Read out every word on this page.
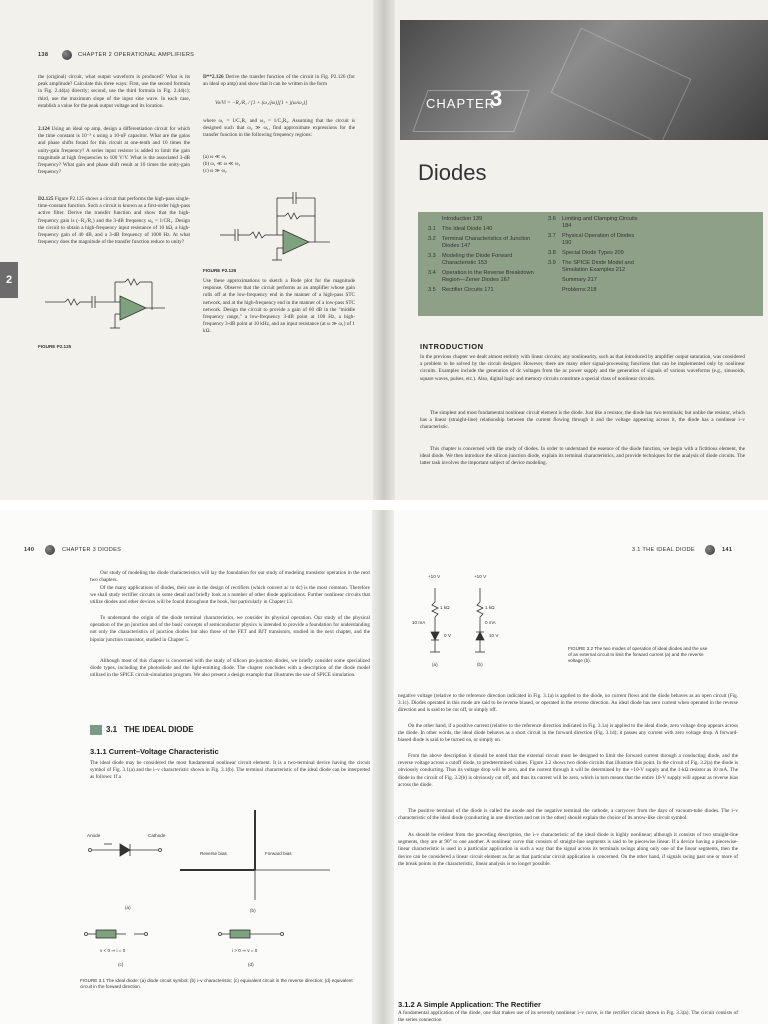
138	CHAPTER 2 OPERATIONAL AMPLIFIERS
2
the (original) circuit, what output waveform is produced? What is its peak amplitude? Calculate this three ways: First, use the second formula in Fig. 2.44(a) directly; second, use the third formula in Fig. 2.44(c); third, use the maximum slope of the input sine wave. In each case, establish a value for the peak output voltage and its location.
2.124 Using an ideal op amp, design a differentiation circuit for which the time constant is 10⁻³ s using a 10-nF capacitor. What are the gains and phase shifts found for this circuit at one-tenth and 10 times the unity-gain frequency? A series input resistor is added to limit the gain magnitude at high frequencies to 100 V/V. What is the associated 3-dB frequency? What gain and phase shift result at 10 times the unity-gain frequency?
D2.125 Figure P2.125 shows a circuit that performs the high-pass single-time-constant function. Such a circuit is known as a first-order high-pass active filter. Derive the transfer function and show that the high-frequency gain is (−R₂/R₁) and the 3-dB frequency ω₀ = 1/CR₁. Design the circuit to obtain a high-frequency input resistance of 10 kΩ, a high-frequency gain of 40 dB, and a 3-dB frequency of 1000 Hz. At what frequency does the magnitude of the transfer function reduce to unity?
FIGURE P2.125
D**2.126 Derive the transfer function of the circuit in Fig. P2.126 (for an ideal op amp) and show that it can be written in the form
Vo/Vi = −R₂/R₁ / [1 + (ω₁/jω)][1 + j(ω/ω₂)]
where ω₁ = 1/C₁R₁ and ω₂ = 1/C₂R₂. Assuming that the circuit is designed such that ω₂ ≫ ω₁, find approximate expressions for the transfer function in the following frequency regions:
(a) ω ≪ ω₁
(b) ω₁ ≪ ω ≪ ω₂
(c) ω ≫ ω₂
FIGURE P2.126
Use these approximations to sketch a Bode plot for the magnitude response. Observe that the circuit performs as an amplifier whose gain rolls off at the low-frequency end in the manner of a high-pass STC network, and at the high-frequency end in the manner of a low-pass STC network. Design the circuit to provide a gain of 60 dB in the "middle frequency range," a low-frequency 3-dB point at 100 Hz, a high-frequency 3-dB point at 10 kHz, and an input resistance (at ω ≫ ω₁) of 1 kΩ.
CHAPTER
3
Diodes
Introduction 139
3.1	The Ideal Diode 140
3.2	Terminal Characteristics of Junction Diodes 147
3.3	Modeling the Diode Forward Characteristic 153
3.4	Operation in the Reverse Breakdown Region—Zener Diodes 167
3.5	Rectifier Circuits 171
3.6	Limiting and Clamping Circuits 184
3.7	Physical Operation of Diodes 190
3.8	Special Diode Types 209
3.9	The SPICE Diode Model and Simulation Examples 212
Summary 217
Problems 218
INTRODUCTION
In the previous chapter we dealt almost entirely with linear circuits; any nonlinearity, such as that introduced by amplifier output saturation, was considered a problem to be solved by the circuit designer. However, there are many other signal-processing functions that can be implemented only by nonlinear circuits. Examples include the generation of dc voltages from the ac power supply and the generation of signals of various waveforms (e.g., sinusoids, square waves, pulses, etc.). Also, digital logic and memory circuits constitute a special class of nonlinear circuits.
The simplest and most fundamental nonlinear circuit element is the diode. Just like a resistor, the diode has two terminals; but unlike the resistor, which has a linear (straight-line) relationship between the current flowing through it and the voltage appearing across it, the diode has a nonlinear i–v characteristic.
This chapter is concerned with the study of diodes. In order to understand the essence of the diode function, we begin with a fictitious element, the ideal diode. We then introduce the silicon junction diode, explain its terminal characteristics, and provide techniques for the analysis of diode circuits. The latter task involves the important subject of device modeling.
140	CHAPTER 3 DIODES
Our study of modeling the diode characteristics will lay the foundation for our study of modeling transistor operation in the next two chapters.
Of the many applications of diodes, their use in the design of rectifiers (which convert ac to dc) is the most common. Therefore we shall study rectifier circuits in some detail and briefly look at a number of other diode applications. Further nonlinear circuits that utilize diodes and other devices will be found throughout the book, but particularly in Chapter 13.
To understand the origin of the diode terminal characteristics, we consider its physical operation. Our study of the physical operation of the pn junction and of the basic concepts of semiconductor physics is intended to provide a foundation for understanding not only the characteristics of junction diodes but also those of the FET and BJT transistors, studied in the next chapter, and the bipolar junction transistor, studied in Chapter 5.
Although most of this chapter is concerned with the study of silicon pn-junction diodes, we briefly consider some specialized diode types, including the photodiode and the light-emitting diode. The chapter concludes with a description of the diode model utilized in the SPICE circuit-simulation program. We also present a design example that illustrates the use of SPICE simulation.
3.1 THE IDEAL DIODE
3.1.1 Current–Voltage Characteristic
The ideal diode may be considered the most fundamental nonlinear circuit element. It is a two-terminal device having the circuit symbol of Fig. 3.1(a) and the i–v characteristic shown in Fig. 3.1(b). The terminal characteristic of the ideal diode can be interpreted as follows: If a
Anode	Cathode
Reverse bias	Forward bias
(a)
(b)
v < 0 ⇒ i = 0	i > 0 ⇒ v = 0
(c)	(d)
FIGURE 3.1 The ideal diode: (a) diode circuit symbol; (b) i–v characteristic; (c) equivalent circuit in the reverse direction; (d) equivalent circuit in the forward direction.
3.1 THE IDEAL DIODE	141
+10 V	+10 V
1 kΩ	1 kΩ
10 mA	0 mA
0 V	10 V
(a)	(b)
FIGURE 3.2 The two modes of operation of ideal diodes and the use of an external circuit to limit the forward current (a) and the reverse voltage (b).
negative voltage (relative to the reference direction indicated in Fig. 3.1a) is applied to the diode, no current flows and the diode behaves as an open circuit (Fig. 3.1c). Diodes operated in this mode are said to be reverse biased, or operated in the reverse direction. An ideal diode has zero current when operated in the reverse direction and is said to be cut off, or simply off.
On the other hand, if a positive current (relative to the reference direction indicated in Fig. 3.1a) is applied to the ideal diode, zero voltage drop appears across the diode. In other words, the ideal diode behaves as a short circuit in the forward direction (Fig. 3.1d); it passes any current with zero voltage drop. A forward-biased diode is said to be turned on, or simply on.
From the above description it should be noted that the external circuit must be designed to limit the forward current through a conducting diode, and the reverse voltage across a cutoff diode, to predetermined values. Figure 3.2 shows two diode circuits that illustrate this point. In the circuit of Fig. 3.2(a) the diode is obviously conducting. Thus its voltage drop will be zero, and the current through it will be determined by the +10-V supply and the 1-kΩ resistor as 10 mA. The diode in the circuit of Fig. 3.2(b) is obviously cut off, and thus its current will be zero, which in turn means that the entire 10-V supply will appear as reverse bias across the diode.
The positive terminal of the diode is called the anode and the negative terminal the cathode, a carryover from the days of vacuum-tube diodes. The i–v characteristic of the ideal diode (conducting in one direction and not in the other) should explain the choice of its arrow-like circuit symbol.
As should be evident from the preceding description, the i–v characteristic of the ideal diode is highly nonlinear; although it consists of two straight-line segments, they are at 90° to one another. A nonlinear curve that consists of straight-line segments is said to be piecewise linear. If a device having a piecewise-linear characteristic is used in a particular application in such a way that the signal across its terminals swings along only one of the linear segments, then the device can be considered a linear circuit element as far as that particular circuit application is concerned. On the other hand, if signals swing past one or more of the break points in the characteristic, linear analysis is no longer possible.
3.1.2 A Simple Application: The Rectifier
A fundamental application of the diode, one that makes use of its severely nonlinear i–v curve, is the rectifier circuit shown in Fig. 3.3(a). The circuit consists of the series connection
